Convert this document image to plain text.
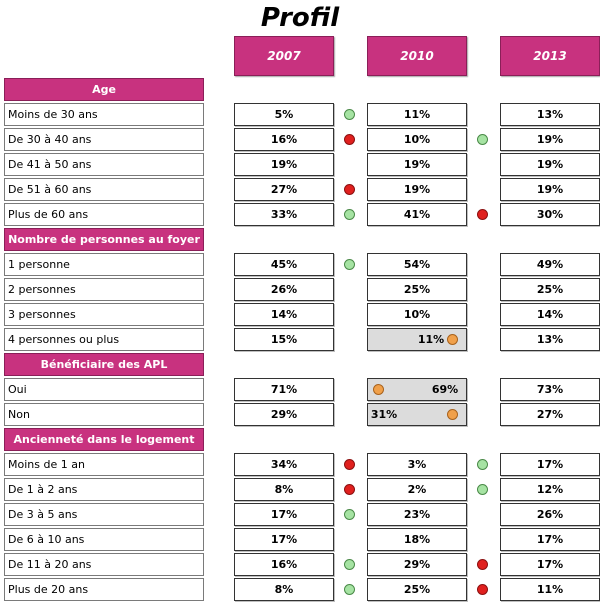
Profil
2007	2010	2013
Age
Moins de 30 ans	5%	11%	13%
De 30 à 40 ans	16%	10%	19%
De 41 à 50 ans	19%	19%	19%
De 51 à 60 ans	27%	19%	19%
Plus de 60 ans	33%	41%	30%
Nombre de personnes au foyer
1 personne	45%	54%	49%
2 personnes	26%	25%	25%
3 personnes	14%	10%	14%
4 personnes ou plus	15%	11%	13%
Bénéficiaire des APL
Oui	71%	69%	73%
Non	29%	31%	27%
Ancienneté dans le logement
Moins de 1 an	34%	3%	17%
De 1 à 2 ans	8%	2%	12%
De 3 à 5 ans	17%	23%	26%
De 6 à 10 ans	17%	18%	17%
De 11 à 20 ans	16%	29%	17%
Plus de 20 ans	8%	25%	11%
